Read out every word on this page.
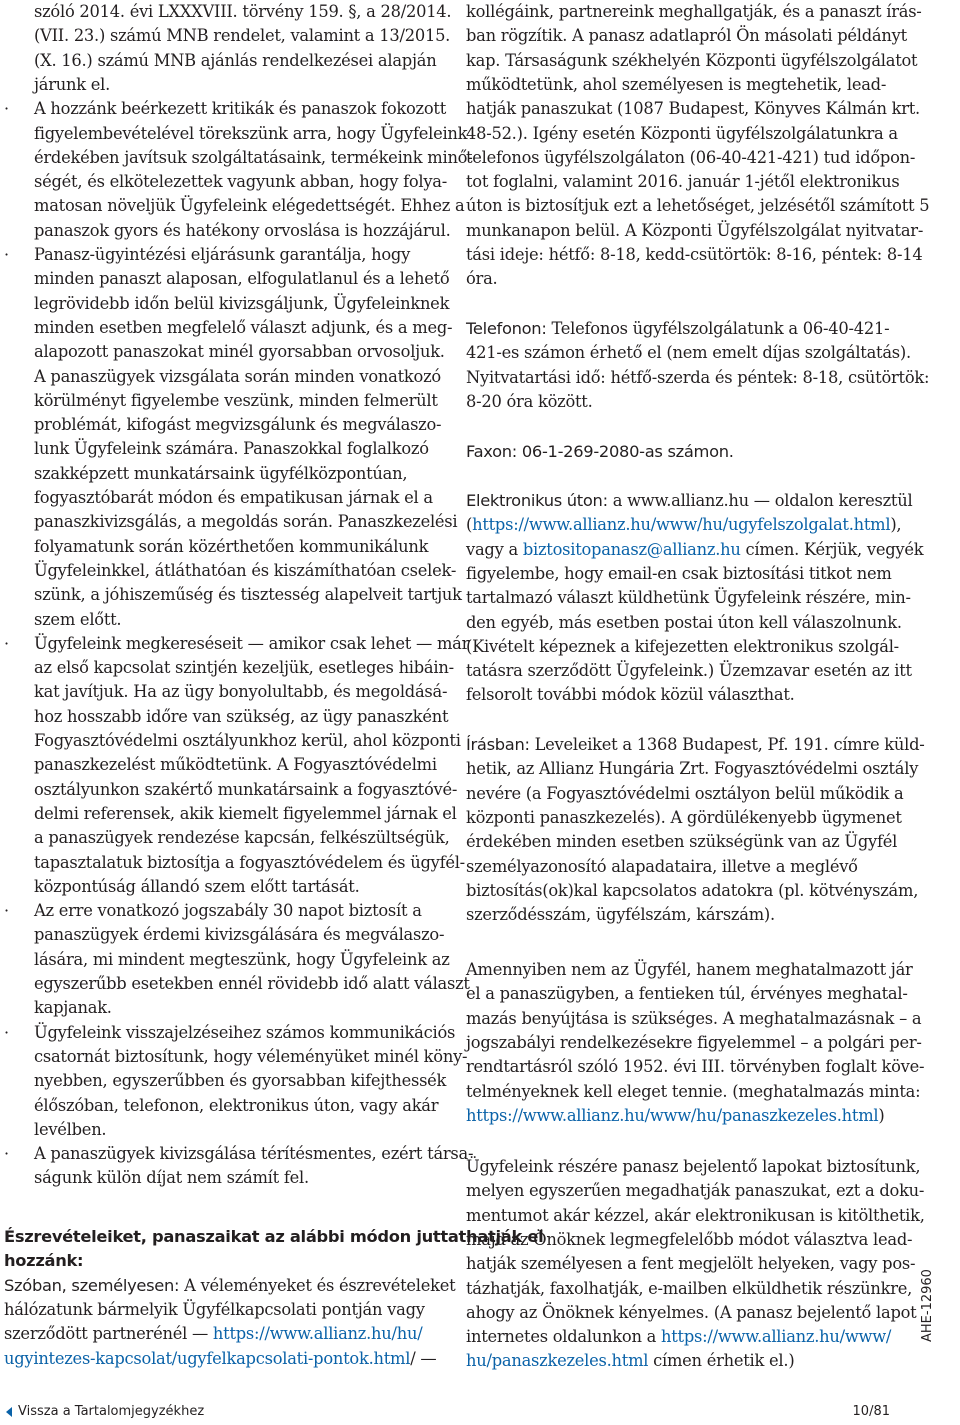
szóló 2014. évi LXXXVIII. törvény 159. §, a 28/2014.
(VII. 23.) számú MNB rendelet, valamint a 13/2015.
(X. 16.) számú MNB ajánlás rendelkezései alapján
járunk el.
· A hozzánk beérkezett kritikák és panaszok fokozott
figyelembevételével törekszünk arra, hogy Ügyfeleink
érdekében javítsuk szolgáltatásaink, termékeink minő-
ségét, és elkötelezettek vagyunk abban, hogy folya-
matosan növeljük Ügyfeleink elégedettségét. Ehhez a
panaszok gyors és hatékony orvoslása is hozzájárul.
· Panasz-ügyintézési eljárásunk garantálja, hogy
minden panaszt alaposan, elfogulatlanul és a lehető
legrövidebb időn belül kivizsgáljunk, Ügyfeleinknek
minden esetben megfelelő választ adjunk, és a meg-
alapozott panaszokat minél gyorsabban orvosoljuk.
A panaszügyek vizsgálata során minden vonatkozó
körülményt figyelembe veszünk, minden felmerült
problémát, kifogást megvizsgálunk és megválaszo-
lunk Ügyfeleink számára. Panaszokkal foglalkozó
szakképzett munkatársaink ügyfélközpontúan,
fogyasztóbarát módon és empatikusan járnak el a
panaszkivizsgálás, a megoldás során. Panaszkezelési
folyamatunk során közérthetően kommunikálunk
Ügyfeleinkkel, átláthatóan és kiszámíthatóan cselek-
szünk, a jóhiszeműség és tisztesség alapelveit tartjuk
szem előtt.
· Ügyfeleink megkereséseit — amikor csak lehet — már
az első kapcsolat szintjén kezeljük, esetleges hibáin-
kat javítjuk. Ha az ügy bonyolultabb, és megoldásá-
hoz hosszabb időre van szükség, az ügy panaszként
Fogyasztóvédelmi osztályunkhoz kerül, ahol központi
panaszkezelést működtetünk. A Fogyasztóvédelmi
osztályunkon szakértő munkatársaink a fogyasztóvé-
delmi referensek, akik kiemelt figyelemmel járnak el
a panaszügyek rendezése kapcsán, felkészültségük,
tapasztalatuk biztosítja a fogyasztóvédelem és ügyfél-
központúság állandó szem előtt tartását.
· Az erre vonatkozó jogszabály 30 napot biztosít a
panaszügyek érdemi kivizsgálására és megválaszo-
lására, mi mindent megteszünk, hogy Ügyfeleink az
egyszerűbb esetekben ennél rövidebb idő alatt választ
kapjanak.
· Ügyfeleink visszajelzéseihez számos kommunikációs
csatornát biztosítunk, hogy véleményüket minél köny-
nyebben, egyszerűbben és gyorsabban kifejthessék
élőszóban, telefonon, elektronikus úton, vagy akár
levélben.
· A panaszügyek kivizsgálása térítésmentes, ezért társa-
ságunk külön díjat nem számít fel.
Észrevételeiket, panaszaikat az alábbi módon juttathatják el
hozzánk:
Szóban, személyesen: A véleményeket és észrevételeket
hálózatunk bármelyik Ügyfélkapcsolati pontján vagy
szerződött partnerénél — https://www.allianz.hu/hu/
ugyintezes-kapcsolat/ugyfelkapcsolati-pontok.html/ —
kollégáink, partnereink meghallgatják, és a panaszt írás-
ban rögzítik. A panasz adatlapról Ön másolati példányt
kap. Társaságunk székhelyén Központi ügyfélszolgálatot
működtetünk, ahol személyesen is megtehetik, lead-
hatják panaszukat (1087 Budapest, Könyves Kálmán krt.
48-52.). Igény esetén Központi ügyfélszolgálatunkra a
telefonos ügyfélszolgálaton (06-40-421-421) tud időpon-
tot foglalni, valamint 2016. január 1-jétől elektronikus
úton is biztosítjuk ezt a lehetőséget, jelzésétől számított 5
munkanapon belül. A Központi Ügyfélszolgálat nyitvatar-
tási ideje: hétfő: 8-18, kedd-csütörtök: 8-16, péntek: 8-14
óra.
Telefonon: Telefonos ügyfélszolgálatunk a 06-40-421-
421-es számon érhető el (nem emelt díjas szolgáltatás).
Nyitvatartási idő: hétfő-szerda és péntek: 8-18, csütörtök:
8-20 óra között.
Faxon: 06-1-269-2080-as számon.
Elektronikus úton: a www.allianz.hu — oldalon keresztül
(https://www.allianz.hu/www/hu/ugyfelszolgalat.html),
vagy a biztositopanasz@allianz.hu címen. Kérjük, vegyék
figyelembe, hogy email-en csak biztosítási titkot nem
tartalmazó választ küldhetünk Ügyfeleink részére, min-
den egyéb, más esetben postai úton kell válaszolnunk.
(Kivételt képeznek a kifejezetten elektronikus szolgál-
tatásra szerződött Ügyfeleink.) Üzemzavar esetén az itt
felsorolt további módok közül választhat.
Írásban: Leveleiket a 1368 Budapest, Pf. 191. címre küld-
hetik, az Allianz Hungária Zrt. Fogyasztóvédelmi osztály
nevére (a Fogyasztóvédelmi osztályon belül működik a
központi panaszkezelés). A gördülékenyebb ügymenet
érdekében minden esetben szükségünk van az Ügyfél
személyazonosító alapadataira, illetve a meglévő
biztosítás(ok)kal kapcsolatos adatokra (pl. kötvényszám,
szerződésszám, ügyfélszám, kárszám).
Amennyiben nem az Ügyfél, hanem meghatalmazott jár
el a panaszügyben, a fentieken túl, érvényes meghatal-
mazás benyújtása is szükséges. A meghatalmazásnak – a
jogszabályi rendelkezésekre figyelemmel – a polgári per-
rendtartásról szóló 1952. évi III. törvényben foglalt köve-
telményeknek kell eleget tennie. (meghatalmazás minta:
https://www.allianz.hu/www/hu/panaszkezeles.html)
Ügyfeleink részére panasz bejelentő lapokat biztosítunk,
melyen egyszerűen megadhatják panaszukat, ezt a doku-
mentumot akár kézzel, akár elektronikusan is kitölthetik,
majd az Önöknek legmegfelelőbb módot választva lead-
hatják személyesen a fent megjelölt helyeken, vagy pos-
tázhatják, faxolhatják, e-mailben elküldhetik részünkre,
ahogy az Önöknek kényelmes. (A panasz bejelentő lapot
internetes oldalunkon a https://www.allianz.hu/www/
hu/panaszkezeles.html címen érhetik el.)
AHE-12960
Vissza a Tartalomjegyzékhez	10/81
